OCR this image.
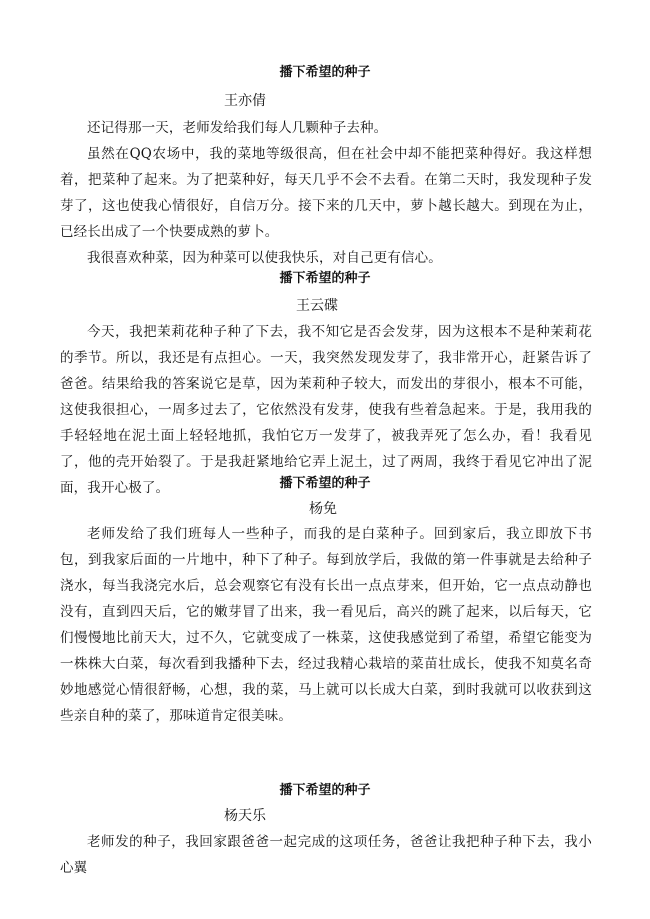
播下希望的种子
王亦倩
还记得那一天，老师发给我们每人几颗种子去种。
虽然在QQ农场中，我的菜地等级很高，但在社会中却不能把菜种得好。我这样想着，把菜种了起来。为了把菜种好，每天几乎不会不去看。在第二天时，我发现种子发芽了，这也使我心情很好，自信万分。接下来的几天中，萝卜越长越大。到现在为止，已经长出成了一个快要成熟的萝卜。
我很喜欢种菜，因为种菜可以使我快乐，对自己更有信心。
播下希望的种子
王云碟
今天，我把茉莉花种子种了下去，我不知它是否会发芽，因为这根本不是种茉莉花的季节。所以，我还是有点担心。一天，我突然发现发芽了，我非常开心，赶紧告诉了爸爸。结果给我的答案说它是草，因为茉莉种子较大，而发出的芽很小，根本不可能，这使我很担心，一周多过去了，它依然没有发芽，使我有些着急起来。于是，我用我的手轻轻地在泥土面上轻轻地抓，我怕它万一发芽了，被我弄死了怎么办，看！我看见了，他的壳开始裂了。于是我赶紧地给它弄上泥土，过了两周，我终于看见它冲出了泥面，我开心极了。	播下希望的种子
杨免
老师发给了我们班每人一些种子，而我的是白菜种子。回到家后，我立即放下书包，到我家后面的一片地中，种下了种子。每到放学后，我做的第一件事就是去给种子浇水，每当我浇完水后，总会观察它有没有长出一点点芽来，但开始，它一点点动静也没有，直到四天后，它的嫩芽冒了出来，我一看见后，高兴的跳了起来，以后每天，它们慢慢地比前天大，过不久，它就变成了一株菜，这使我感觉到了希望，希望它能变为一株株大白菜，每次看到我播种下去，经过我精心栽培的菜苗壮成长，使我不知莫名奇妙地感觉心情很舒畅，心想，我的菜，马上就可以长成大白菜，到时我就可以收获到这些亲自种的菜了，那味道肯定很美味。
播下希望的种子
杨天乐
老师发的种子，我回家跟爸爸一起完成的这项任务，爸爸让我把种子种下去，我小心翼
